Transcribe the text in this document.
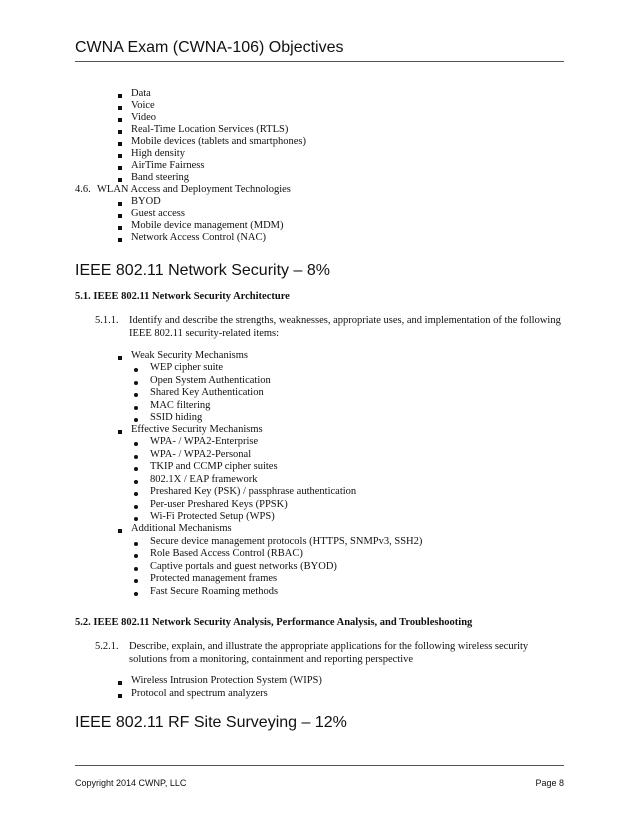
CWNA Exam (CWNA-106) Objectives
Data
Voice
Video
Real-Time Location Services (RTLS)
Mobile devices (tablets and smartphones)
High density
AirTime Fairness
Band steering
4.6. WLAN Access and Deployment Technologies
BYOD
Guest access
Mobile device management (MDM)
Network Access Control (NAC)
IEEE 802.11 Network Security – 8%
5.1. IEEE 802.11 Network Security Architecture
5.1.1. Identify and describe the strengths, weaknesses, appropriate uses, and implementation of the following
IEEE 802.11 security-related items:
Weak Security Mechanisms
WEP cipher suite
Open System Authentication
Shared Key Authentication
MAC filtering
SSID hiding
Effective Security Mechanisms
WPA- / WPA2-Enterprise
WPA- / WPA2-Personal
TKIP and CCMP cipher suites
802.1X / EAP framework
Preshared Key (PSK) / passphrase authentication
Per-user Preshared Keys (PPSK)
Wi-Fi Protected Setup (WPS)
Additional Mechanisms
Secure device management protocols (HTTPS, SNMPv3, SSH2)
Role Based Access Control (RBAC)
Captive portals and guest networks (BYOD)
Protected management frames
Fast Secure Roaming methods
5.2. IEEE 802.11 Network Security Analysis, Performance Analysis, and Troubleshooting
5.2.1. Describe, explain, and illustrate the appropriate applications for the following wireless security
solutions from a monitoring, containment and reporting perspective
Wireless Intrusion Protection System (WIPS)
Protocol and spectrum analyzers
IEEE 802.11 RF Site Surveying – 12%
Copyright 2014 CWNP, LLC	Page 8
